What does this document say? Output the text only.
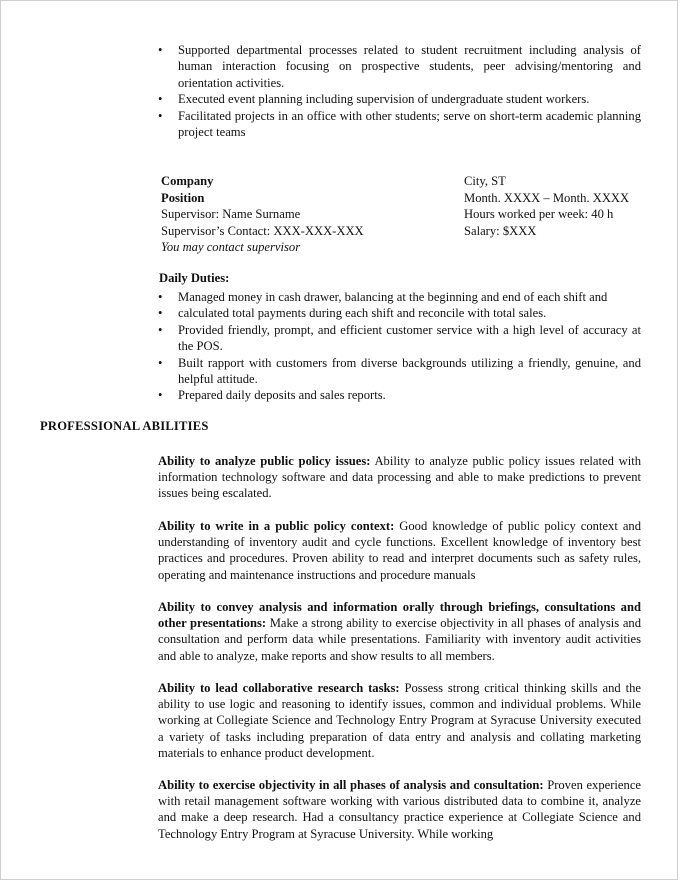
• Supported departmental processes related to student recruitment including analysis of human interaction focusing on prospective students, peer advising/mentoring and orientation activities.
• Executed event planning including supervision of undergraduate student workers.
• Facilitated projects in an office with other students; serve on short-term academic planning project teams
Company
Position
Supervisor: Name Surname
Supervisor’s Contact: XXX-XXX-XXX
You may contact supervisor
City, ST
Month. XXXX – Month. XXXX
Hours worked per week: 40 h
Salary: $XXX
Daily Duties:
• Managed money in cash drawer, balancing at the beginning and end of each shift and
• calculated total payments during each shift and reconcile with total sales.
• Provided friendly, prompt, and efficient customer service with a high level of accuracy at the POS.
• Built rapport with customers from diverse backgrounds utilizing a friendly, genuine, and helpful attitude.
• Prepared daily deposits and sales reports.
PROFESSIONAL ABILITIES
Ability to analyze public policy issues: Ability to analyze public policy issues related with information technology software and data processing and able to make predictions to prevent issues being escalated.
Ability to write in a public policy context: Good knowledge of public policy context and understanding of inventory audit and cycle functions. Excellent knowledge of inventory best practices and procedures. Proven ability to read and interpret documents such as safety rules, operating and maintenance instructions and procedure manuals
Ability to convey analysis and information orally through briefings, consultations and other presentations: Make a strong ability to exercise objectivity in all phases of analysis and consultation and perform data while presentations. Familiarity with inventory audit activities and able to analyze, make reports and show results to all members.
Ability to lead collaborative research tasks: Possess strong critical thinking skills and the ability to use logic and reasoning to identify issues, common and individual problems. While working at Collegiate Science and Technology Entry Program at Syracuse University executed a variety of tasks including preparation of data entry and analysis and collating marketing materials to enhance product development.
Ability to exercise objectivity in all phases of analysis and consultation: Proven experience with retail management software working with various distributed data to combine it, analyze and make a deep research. Had a consultancy practice experience at Collegiate Science and Technology Entry Program at Syracuse University. While working
